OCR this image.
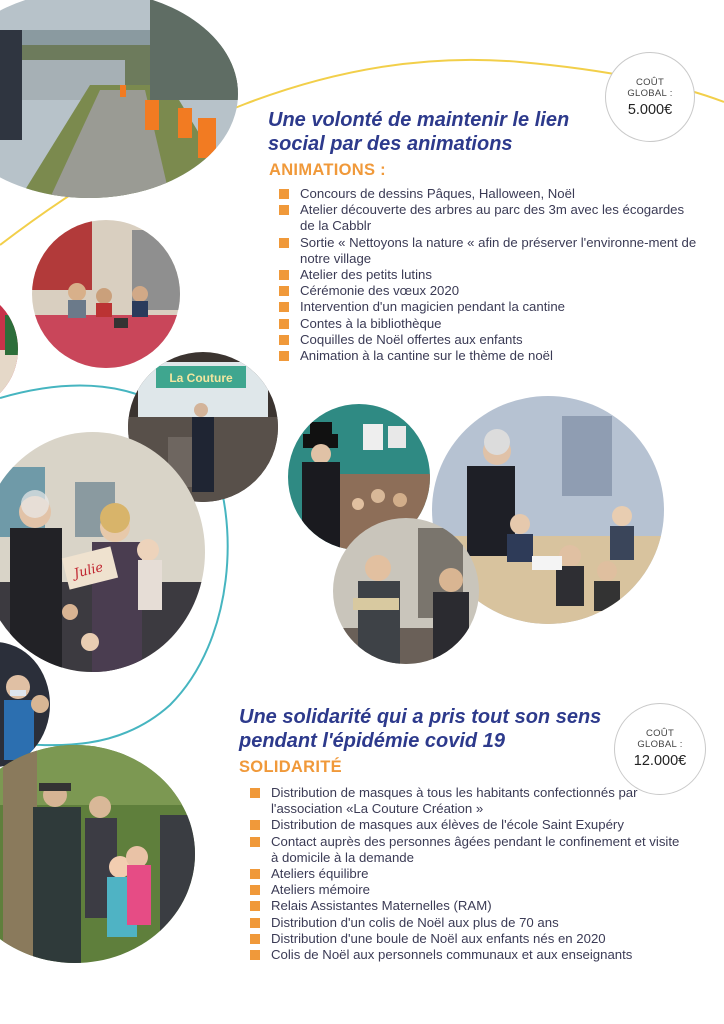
La Couture
Julie
COÛT
GLOBAL :
5.000€
Une volonté de maintenir le lien
social par des animations
ANIMATIONS :
Concours de dessins Pâques, Halloween, Noël
Atelier découverte des arbres au parc des 3m avec les écogardes de la Cabblr
Sortie « Nettoyons la nature « afin de préserver l'environne-ment de notre village
Atelier des petits lutins
Cérémonie des vœux 2020
Intervention d'un magicien pendant la cantine
Contes à la bibliothèque
Coquilles de Noël offertes aux enfants
Animation à la cantine sur le thème de noël
COÛT
GLOBAL :
12.000€
Une solidarité qui a pris tout son sens
pendant l'épidémie covid 19
SOLIDARITÉ
Distribution de masques à tous les habitants confectionnés par l'association «La Couture Création »
Distribution de masques aux élèves de l'école Saint Exupéry
Contact auprès des personnes âgées pendant le confinement et visite à domicile à la demande
Ateliers équilibre
Ateliers mémoire
Relais Assistantes Maternelles (RAM)
Distribution d'un colis de Noël aux plus de 70 ans
Distribution d'une boule de Noël aux enfants nés en 2020
Colis de Noël aux personnels communaux et aux enseignants
